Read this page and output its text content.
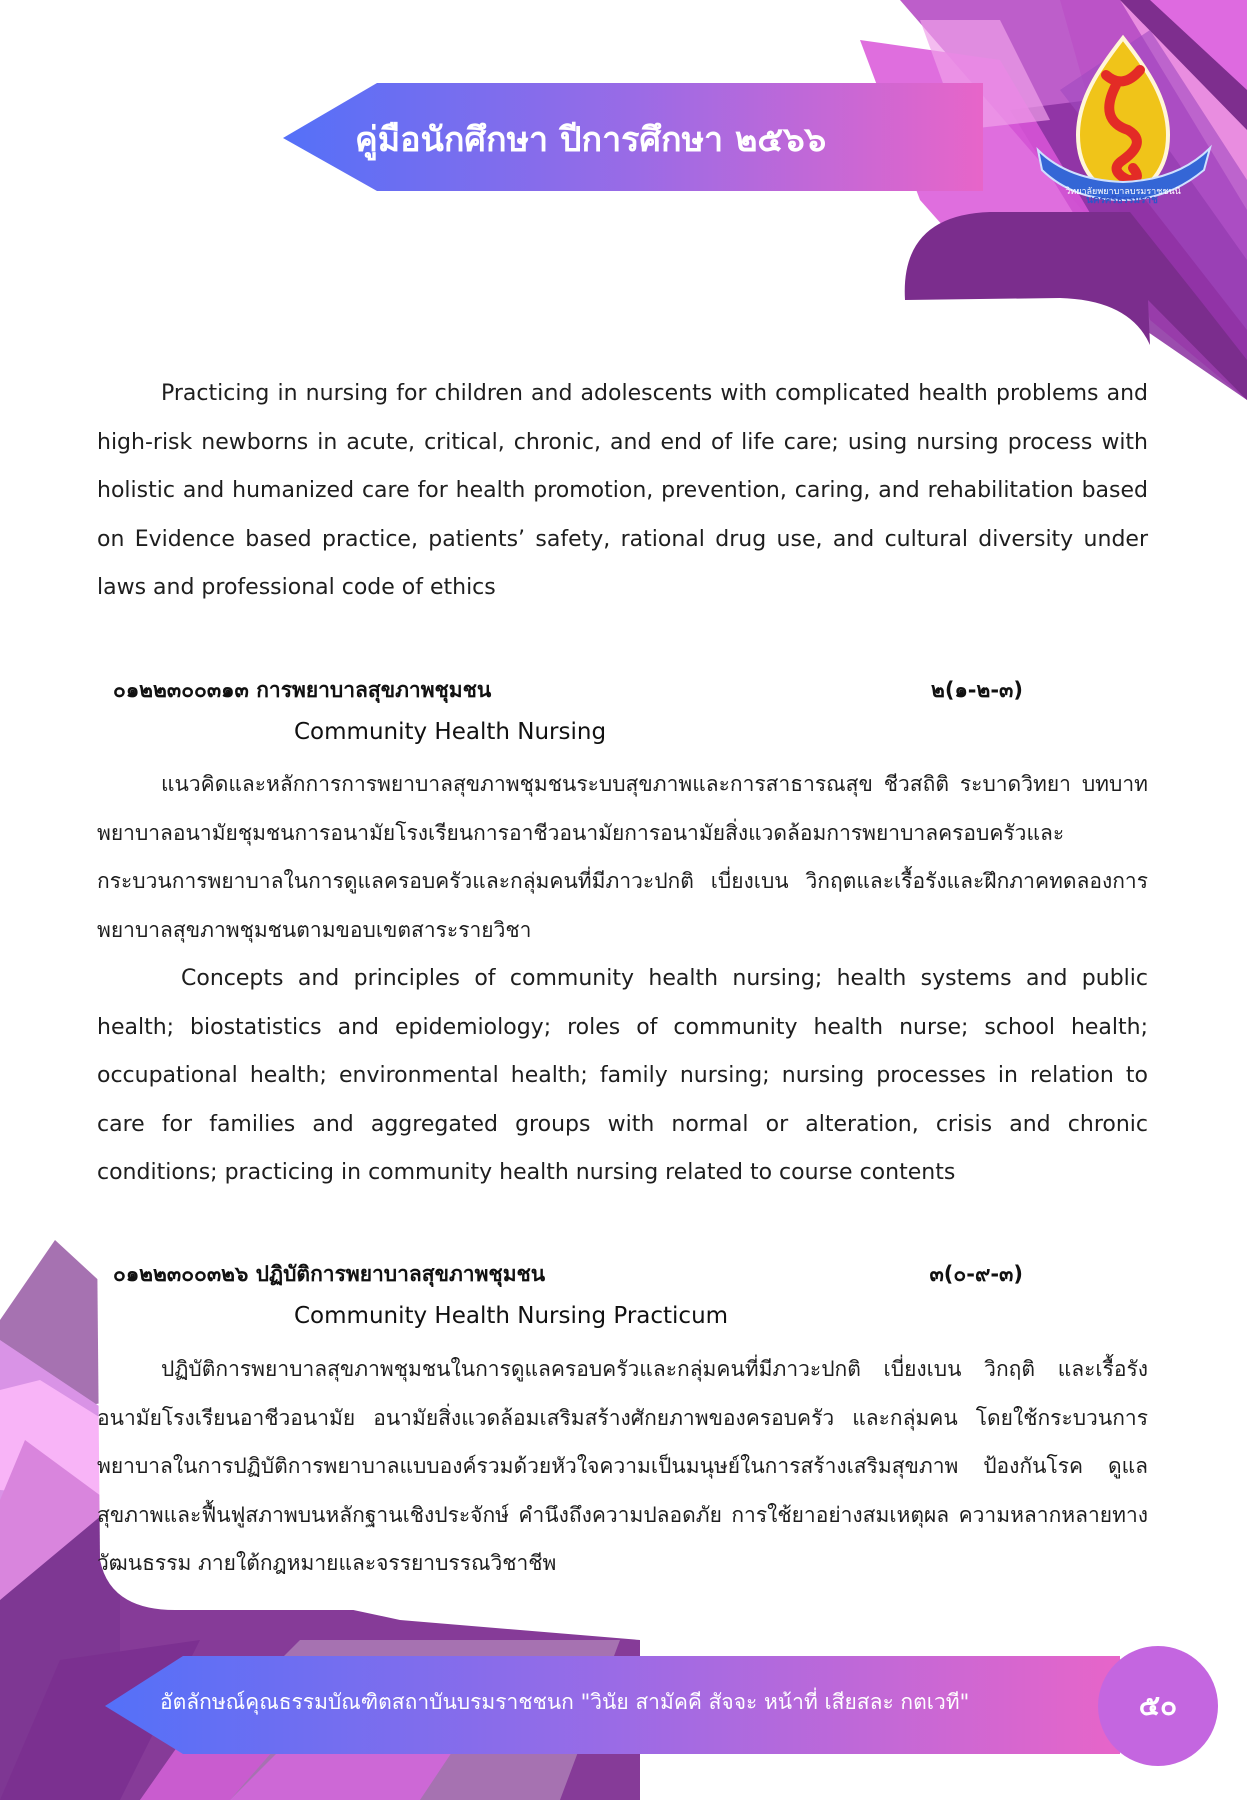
คู่มือนักศึกษา ปีการศึกษา ๒๕๖๖
วิทยาลัยพยาบาลบรมราชชนนี
นครศรีธรรมราช
Practicing in nursing for children and adolescents with complicated health problems and high-risk newborns in acute, critical, chronic, and end of life care; using nursing process with holistic and humanized care for health promotion, prevention, caring, and rehabilitation based on Evidence based practice, patients’ safety, rational drug use, and cultural diversity under laws and professional code of ethics
๐๑๒๒๓๐๐๓๑๓ การพยาบาลสุขภาพชุมชน	๒(๑-๒-๓)
Community Health Nursing
แนวคิดและหลักการการพยาบาลสุขภาพชุมชนระบบสุขภาพและการสาธารณสุข ชีวสถิติ ระบาดวิทยา บทบาทพยาบาลอนามัยชุมชนการอนามัยโรงเรียนการอาชีวอนามัยการอนามัยสิ่งแวดล้อมการพยาบาลครอบครัวและกระบวนการพยาบาลในการดูแลครอบครัวและกลุ่มคนที่มีภาวะปกติ เบี่ยงเบน วิกฤตและเรื้อรังและฝึกภาคทดลองการพยาบาลสุขภาพชุมชนตามขอบเขตสาระรายวิชา
Concepts and principles of community health nursing; health systems and public health; biostatistics and epidemiology; roles of community health nurse; school health; occupational health; environmental health; family nursing; nursing processes in relation to care for families and aggregated groups with normal or alteration, crisis and chronic conditions; practicing in community health nursing related to course contents
๐๑๒๒๓๐๐๓๒๖ ปฏิบัติการพยาบาลสุขภาพชุมชน	๓(๐-๙-๓)
Community Health Nursing Practicum
ปฏิบัติการพยาบาลสุขภาพชุมชนในการดูแลครอบครัวและกลุ่มคนที่มีภาวะปกติ เบี่ยงเบน วิกฤติ และเรื้อรังอนามัยโรงเรียนอาชีวอนามัย อนามัยสิ่งแวดล้อมเสริมสร้างศักยภาพของครอบครัว และกลุ่มคน โดยใช้กระบวนการพยาบาลในการปฏิบัติการพยาบาลแบบองค์รวมด้วยหัวใจความเป็นมนุษย์ในการสร้างเสริมสุขภาพ ป้องกันโรค ดูแลสุขภาพและฟื้นฟูสภาพบนหลักฐานเชิงประจักษ์ คำนึงถึงความปลอดภัย การใช้ยาอย่างสมเหตุผล ความหลากหลายทางวัฒนธรรม ภายใต้กฎหมายและจรรยาบรรณวิชาชีพ
อัตลักษณ์คุณธรรมบัณฑิตสถาบันบรมราชชนก "วินัย สามัคคี สัจจะ หน้าที่ เสียสละ กตเวที"	๕๐
